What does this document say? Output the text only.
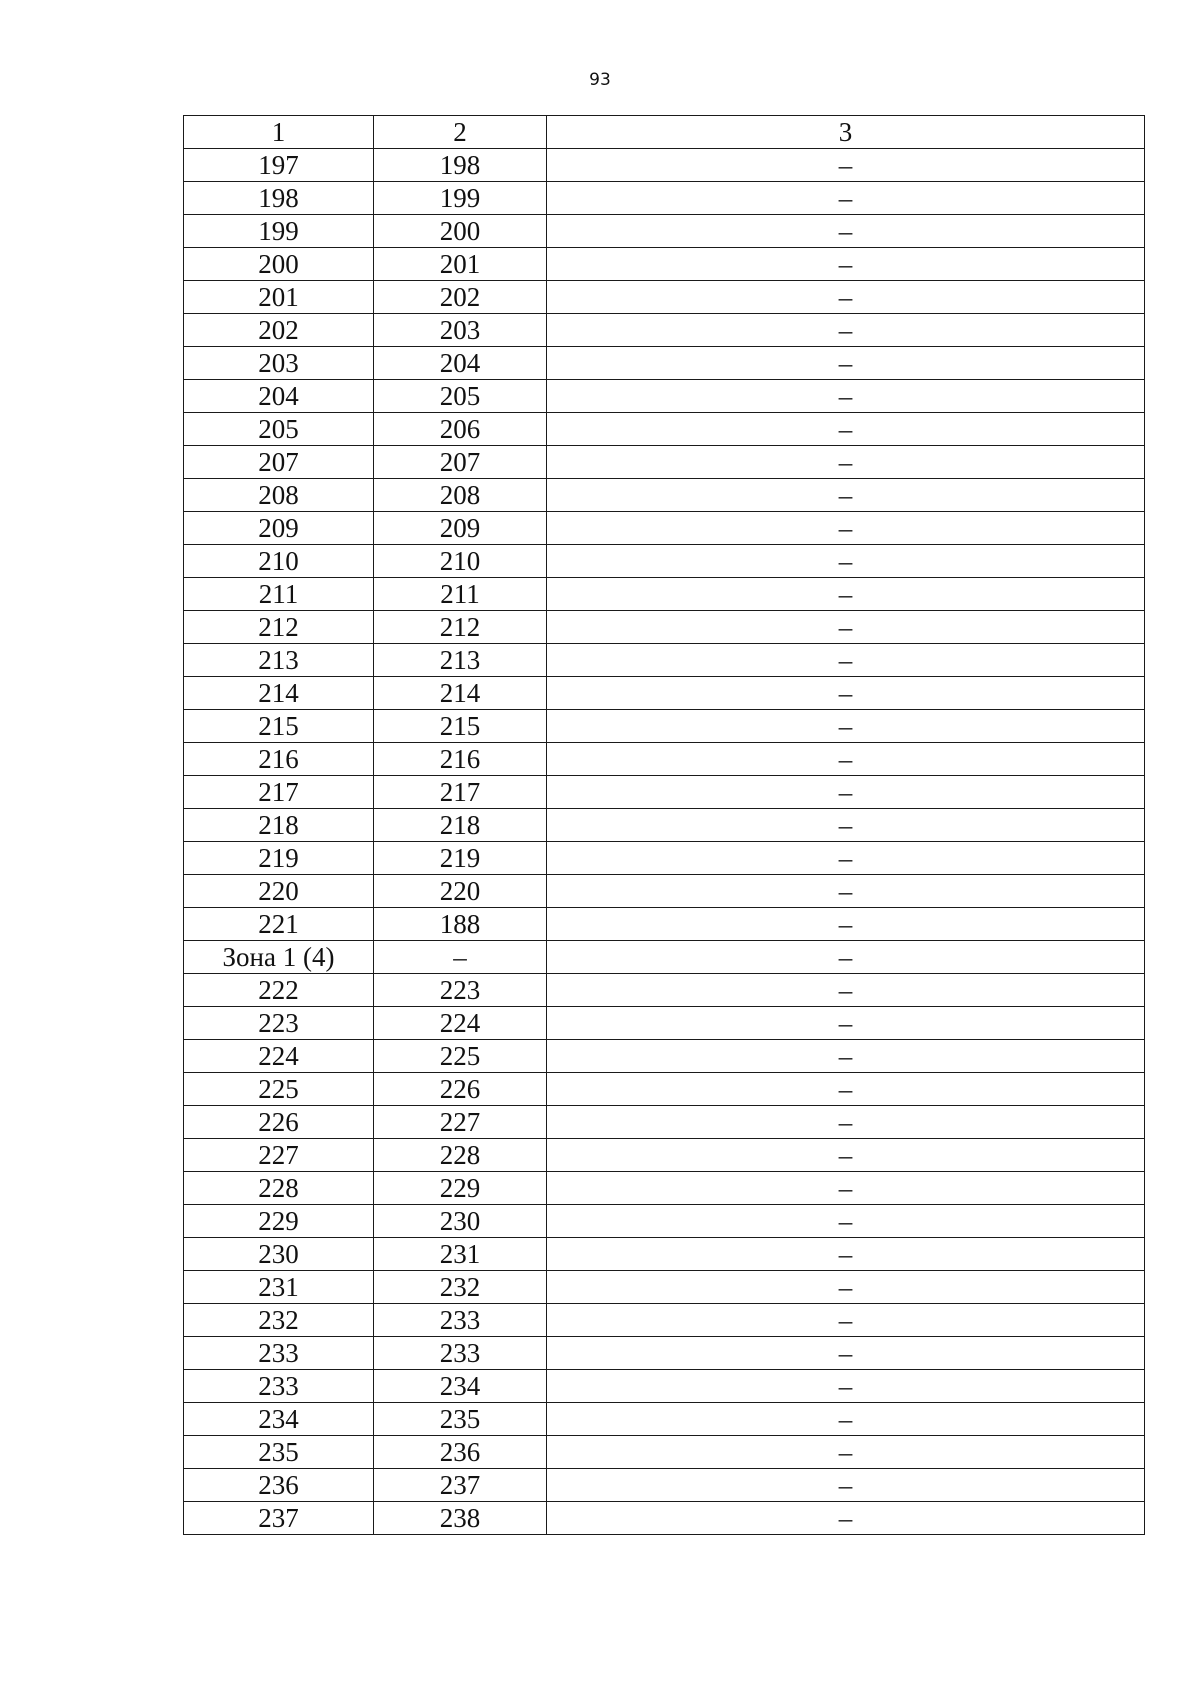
93
1	2	3
197	198	–
198	199	–
199	200	–
200	201	–
201	202	–
202	203	–
203	204	–
204	205	–
205	206	–
207	207	–
208	208	–
209	209	–
210	210	–
211	211	–
212	212	–
213	213	–
214	214	–
215	215	–
216	216	–
217	217	–
218	218	–
219	219	–
220	220	–
221	188	–
Зона 1 (4)	–	–
222	223	–
223	224	–
224	225	–
225	226	–
226	227	–
227	228	–
228	229	–
229	230	–
230	231	–
231	232	–
232	233	–
233	233	–
233	234	–
234	235	–
235	236	–
236	237	–
237	238	–
